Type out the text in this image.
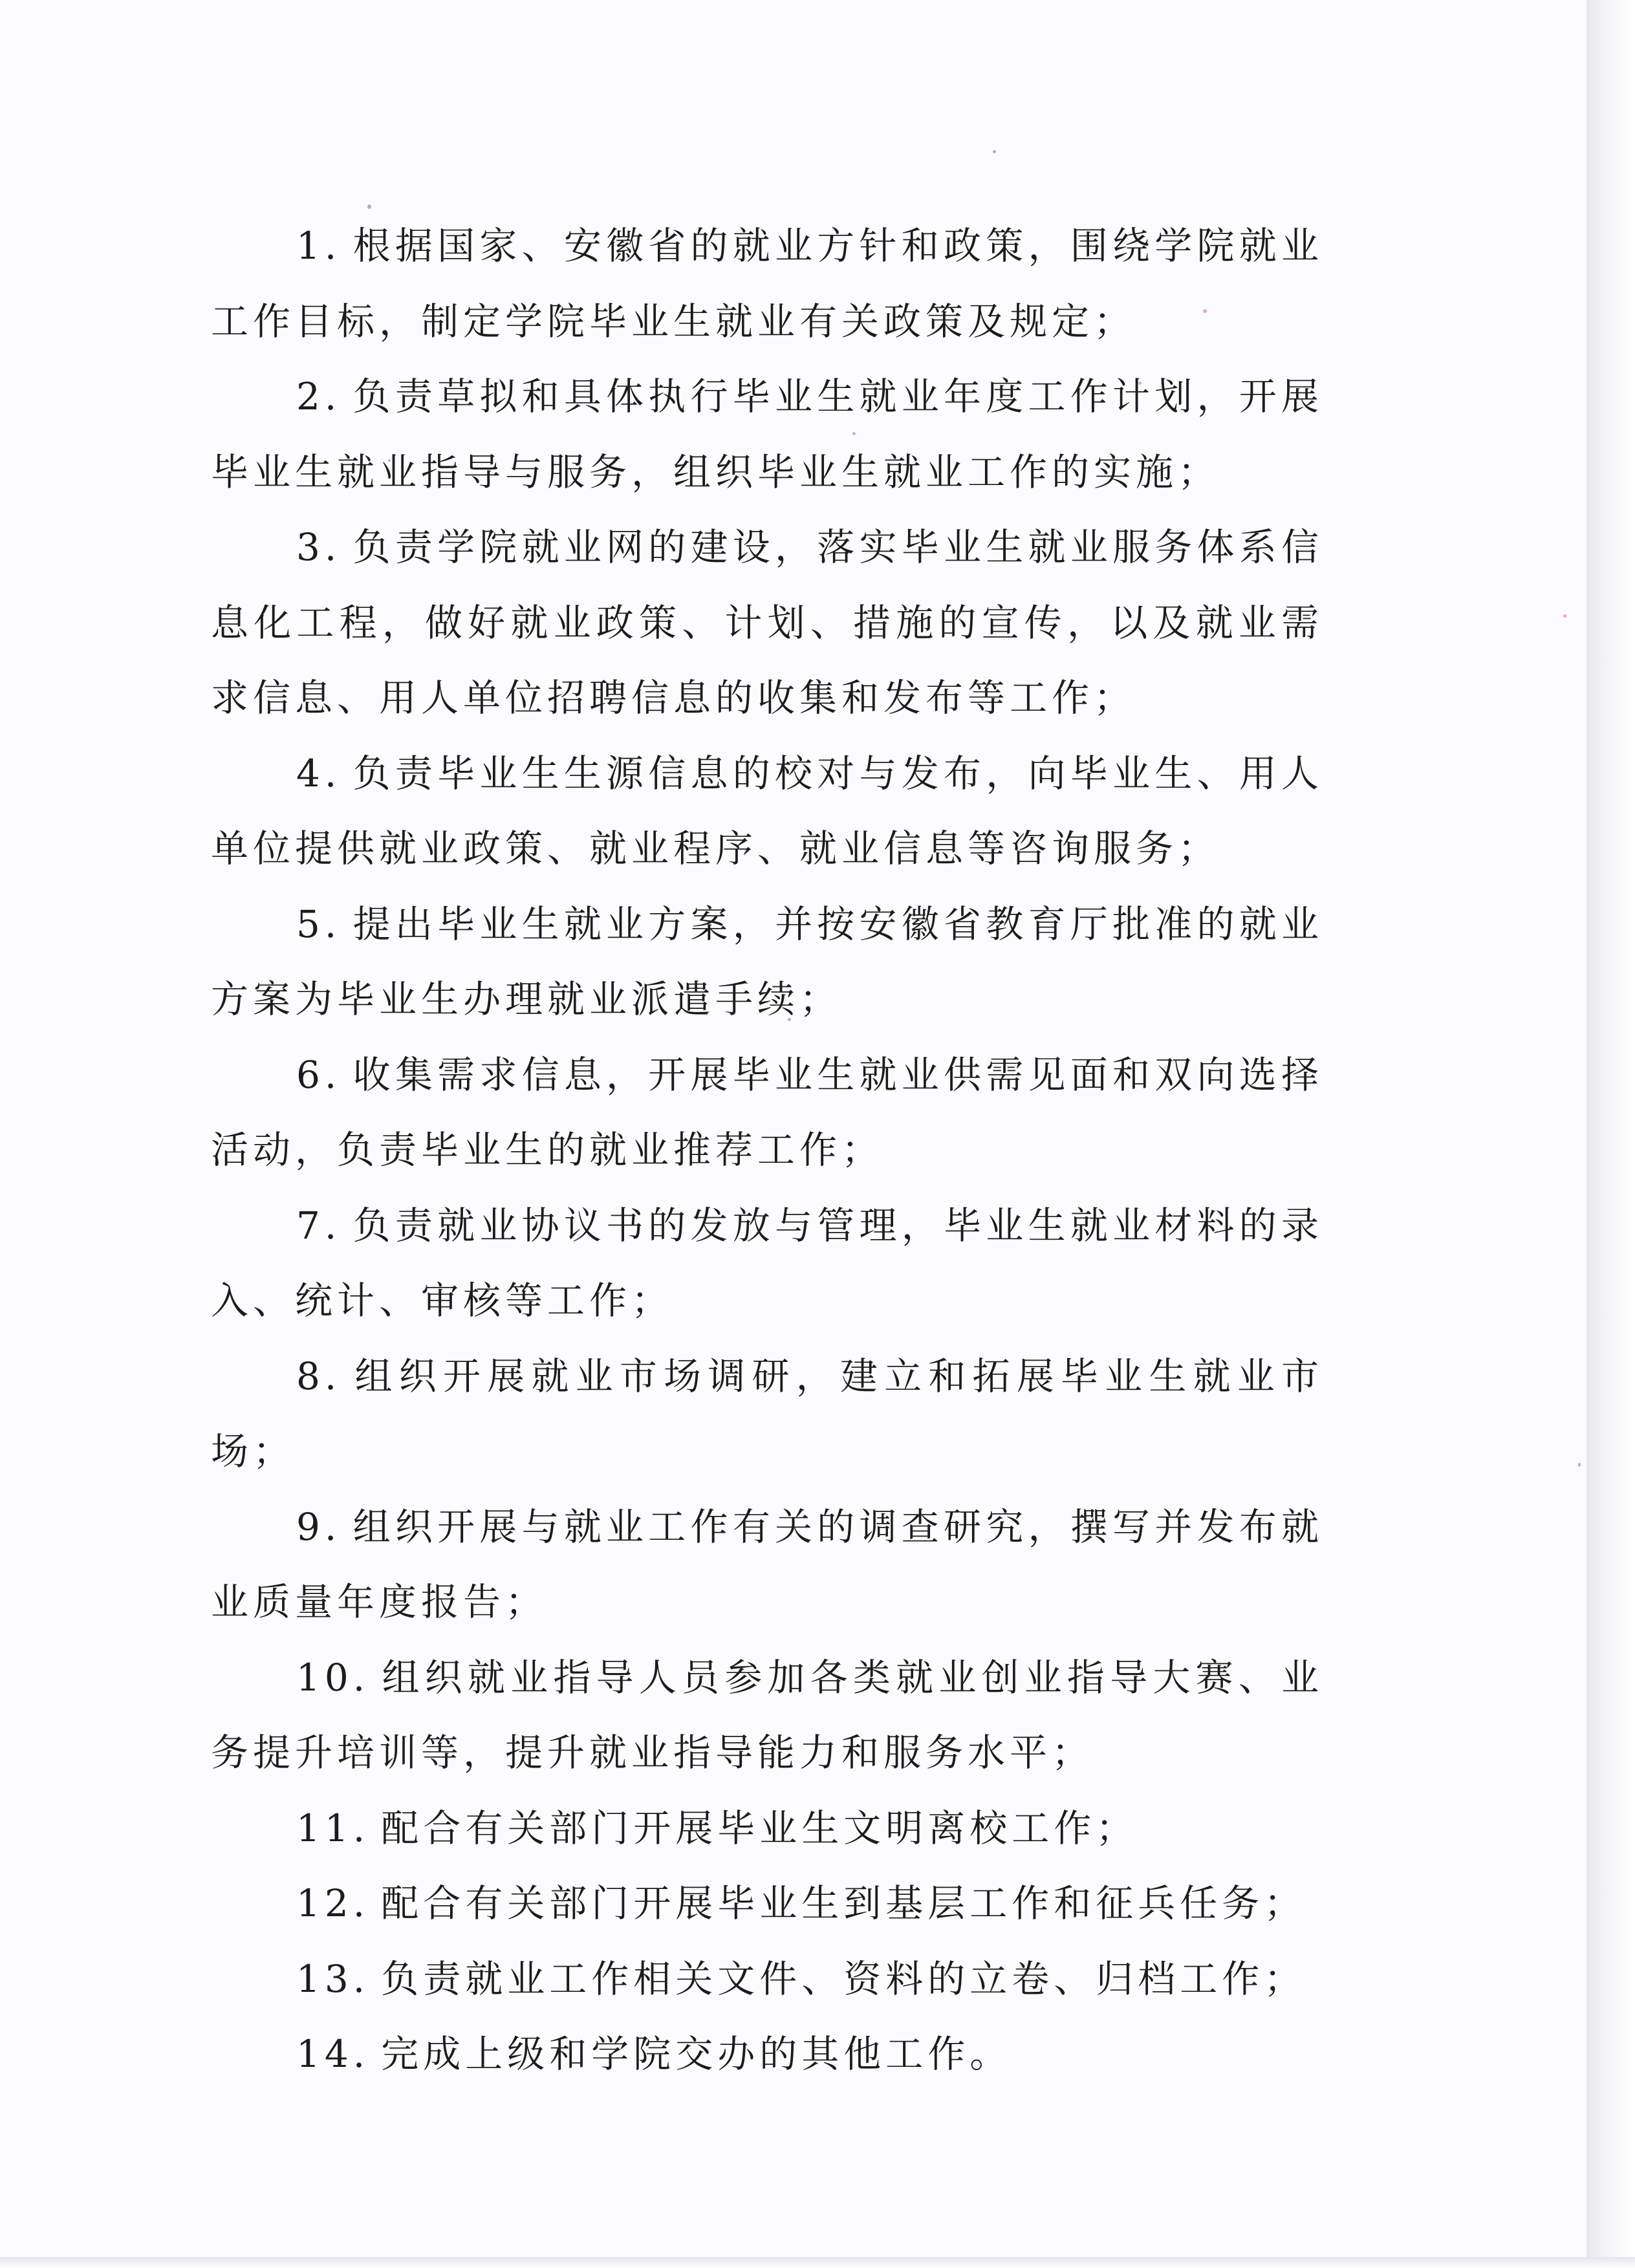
1. 根据国家、安徽省的就业方针和政策，围绕学院就业工作目标，制定学院毕业生就业有关政策及规定；

2. 负责草拟和具体执行毕业生就业年度工作计划，开展毕业生就业指导与服务，组织毕业生就业工作的实施；

3. 负责学院就业网的建设，落实毕业生就业服务体系信息化工程，做好就业政策、计划、措施的宣传，以及就业需求信息、用人单位招聘信息的收集和发布等工作；

4. 负责毕业生生源信息的校对与发布，向毕业生、用人单位提供就业政策、就业程序、就业信息等咨询服务；

5. 提出毕业生就业方案，并按安徽省教育厅批准的就业方案为毕业生办理就业派遣手续；

6. 收集需求信息，开展毕业生就业供需见面和双向选择活动，负责毕业生的就业推荐工作；

7. 负责就业协议书的发放与管理，毕业生就业材料的录入、统计、审核等工作；

8. 组织开展就业市场调研，建立和拓展毕业生就业市场；

9. 组织开展与就业工作有关的调查研究，撰写并发布就业质量年度报告；

10. 组织就业指导人员参加各类就业创业指导大赛、业务提升培训等，提升就业指导能力和服务水平；

11. 配合有关部门开展毕业生文明离校工作；

12. 配合有关部门开展毕业生到基层工作和征兵任务；

13. 负责就业工作相关文件、资料的立卷、归档工作；

14. 完成上级和学院交办的其他工作。
